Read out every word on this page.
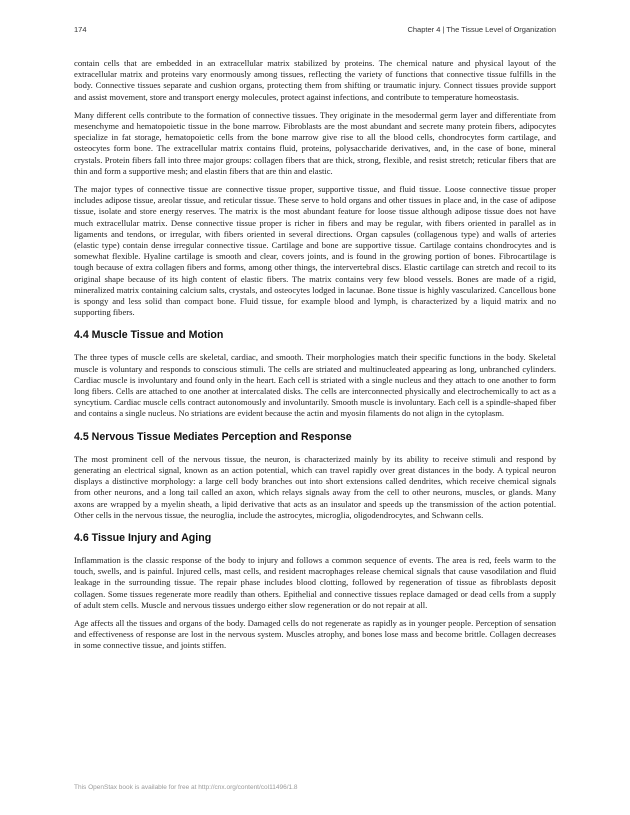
174	Chapter 4 | The Tissue Level of Organization

contain cells that are embedded in an extracellular matrix stabilized by proteins. The chemical nature and physical layout of the extracellular matrix and proteins vary enormously among tissues, reflecting the variety of functions that connective tissue fulfills in the body. Connective tissues separate and cushion organs, protecting them from shifting or traumatic injury. Connect tissues provide support and assist movement, store and transport energy molecules, protect against infections, and contribute to temperature homeostasis.

Many different cells contribute to the formation of connective tissues. They originate in the mesodermal germ layer and differentiate from mesenchyme and hematopoietic tissue in the bone marrow. Fibroblasts are the most abundant and secrete many protein fibers, adipocytes specialize in fat storage, hematopoietic cells from the bone marrow give rise to all the blood cells, chondrocytes form cartilage, and osteocytes form bone. The extracellular matrix contains fluid, proteins, polysaccharide derivatives, and, in the case of bone, mineral crystals. Protein fibers fall into three major groups: collagen fibers that are thick, strong, flexible, and resist stretch; reticular fibers that are thin and form a supportive mesh; and elastin fibers that are thin and elastic.

The major types of connective tissue are connective tissue proper, supportive tissue, and fluid tissue. Loose connective tissue proper includes adipose tissue, areolar tissue, and reticular tissue. These serve to hold organs and other tissues in place and, in the case of adipose tissue, isolate and store energy reserves. The matrix is the most abundant feature for loose tissue although adipose tissue does not have much extracellular matrix. Dense connective tissue proper is richer in fibers and may be regular, with fibers oriented in parallel as in ligaments and tendons, or irregular, with fibers oriented in several directions. Organ capsules (collagenous type) and walls of arteries (elastic type) contain dense irregular connective tissue. Cartilage and bone are supportive tissue. Cartilage contains chondrocytes and is somewhat flexible. Hyaline cartilage is smooth and clear, covers joints, and is found in the growing portion of bones. Fibrocartilage is tough because of extra collagen fibers and forms, among other things, the intervertebral discs. Elastic cartilage can stretch and recoil to its original shape because of its high content of elastic fibers. The matrix contains very few blood vessels. Bones are made of a rigid, mineralized matrix containing calcium salts, crystals, and osteocytes lodged in lacunae. Bone tissue is highly vascularized. Cancellous bone is spongy and less solid than compact bone. Fluid tissue, for example blood and lymph, is characterized by a liquid matrix and no supporting fibers.

4.4 Muscle Tissue and Motion

The three types of muscle cells are skeletal, cardiac, and smooth. Their morphologies match their specific functions in the body. Skeletal muscle is voluntary and responds to conscious stimuli. The cells are striated and multinucleated appearing as long, unbranched cylinders. Cardiac muscle is involuntary and found only in the heart. Each cell is striated with a single nucleus and they attach to one another to form long fibers. Cells are attached to one another at intercalated disks. The cells are interconnected physically and electrochemically to act as a syncytium. Cardiac muscle cells contract autonomously and involuntarily. Smooth muscle is involuntary. Each cell is a spindle-shaped fiber and contains a single nucleus. No striations are evident because the actin and myosin filaments do not align in the cytoplasm.

4.5 Nervous Tissue Mediates Perception and Response

The most prominent cell of the nervous tissue, the neuron, is characterized mainly by its ability to receive stimuli and respond by generating an electrical signal, known as an action potential, which can travel rapidly over great distances in the body. A typical neuron displays a distinctive morphology: a large cell body branches out into short extensions called dendrites, which receive chemical signals from other neurons, and a long tail called an axon, which relays signals away from the cell to other neurons, muscles, or glands. Many axons are wrapped by a myelin sheath, a lipid derivative that acts as an insulator and speeds up the transmission of the action potential. Other cells in the nervous tissue, the neuroglia, include the astrocytes, microglia, oligodendrocytes, and Schwann cells.

4.6 Tissue Injury and Aging

Inflammation is the classic response of the body to injury and follows a common sequence of events. The area is red, feels warm to the touch, swells, and is painful. Injured cells, mast cells, and resident macrophages release chemical signals that cause vasodilation and fluid leakage in the surrounding tissue. The repair phase includes blood clotting, followed by regeneration of tissue as fibroblasts deposit collagen. Some tissues regenerate more readily than others. Epithelial and connective tissues replace damaged or dead cells from a supply of adult stem cells. Muscle and nervous tissues undergo either slow regeneration or do not repair at all.

Age affects all the tissues and organs of the body. Damaged cells do not regenerate as rapidly as in younger people. Perception of sensation and effectiveness of response are lost in the nervous system. Muscles atrophy, and bones lose mass and become brittle. Collagen decreases in some connective tissue, and joints stiffen.

This OpenStax book is available for free at http://cnx.org/content/col11496/1.8
